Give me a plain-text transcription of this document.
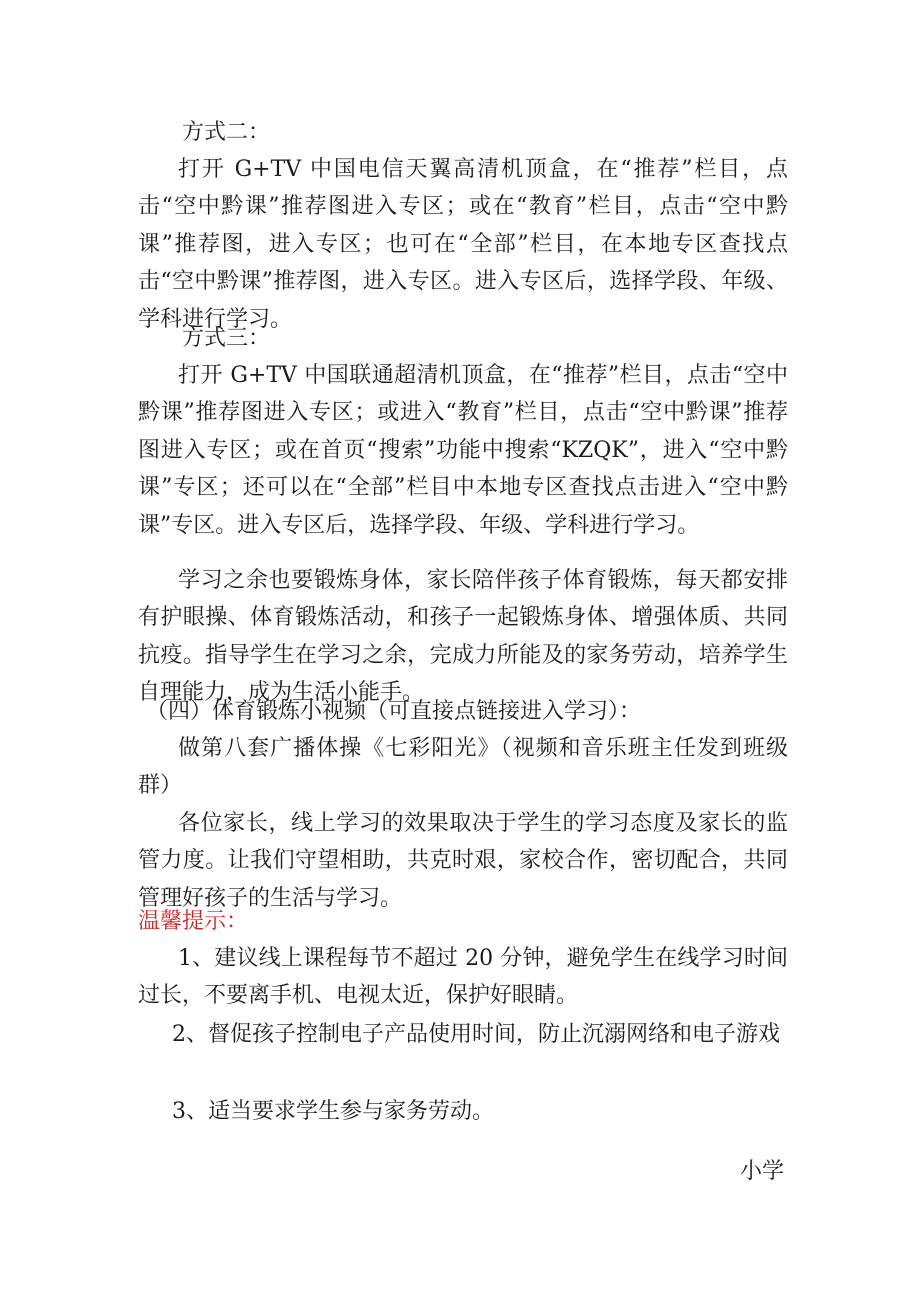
方式二：

打开 G+TV 中国电信天翼高清机顶盒，在“推荐”栏目，点击“空中黔课”推荐图进入专区；或在“教育”栏目，点击“空中黔课”推荐图，进入专区；也可在“全部”栏目，在本地专区查找点击“空中黔课”推荐图，进入专区。进入专区后，选择学段、年级、学科进行学习。

方式三：

打开 G+TV 中国联通超清机顶盒，在“推荐”栏目，点击“空中黔课”推荐图进入专区；或进入“教育”栏目，点击“空中黔课”推荐图进入专区；或在首页“搜索”功能中搜索“KZQK”，进入“空中黔课”专区；还可以在“全部”栏目中本地专区查找点击进入“空中黔课”专区。进入专区后，选择学段、年级、学科进行学习。

学习之余也要锻炼身体，家长陪伴孩子体育锻炼，每天都安排有护眼操、体育锻炼活动，和孩子一起锻炼身体、增强体质、共同抗疫。指导学生在学习之余，完成力所能及的家务劳动，培养学生自理能力，成为生活小能手。

（四）体育锻炼小视频（可直接点链接进入学习）：

做第八套广播体操《七彩阳光》（视频和音乐班主任发到班级群）

各位家长，线上学习的效果取决于学生的学习态度及家长的监管力度。让我们守望相助，共克时艰，家校合作，密切配合，共同管理好孩子的生活与学习。

温馨提示：

1、建议线上课程每节不超过 20 分钟，避免学生在线学习时间过长，不要离手机、电视太近，保护好眼睛。

2、督促孩子控制电子产品使用时间，防止沉溺网络和电子游戏

3、适当要求学生参与家务劳动。

小学
